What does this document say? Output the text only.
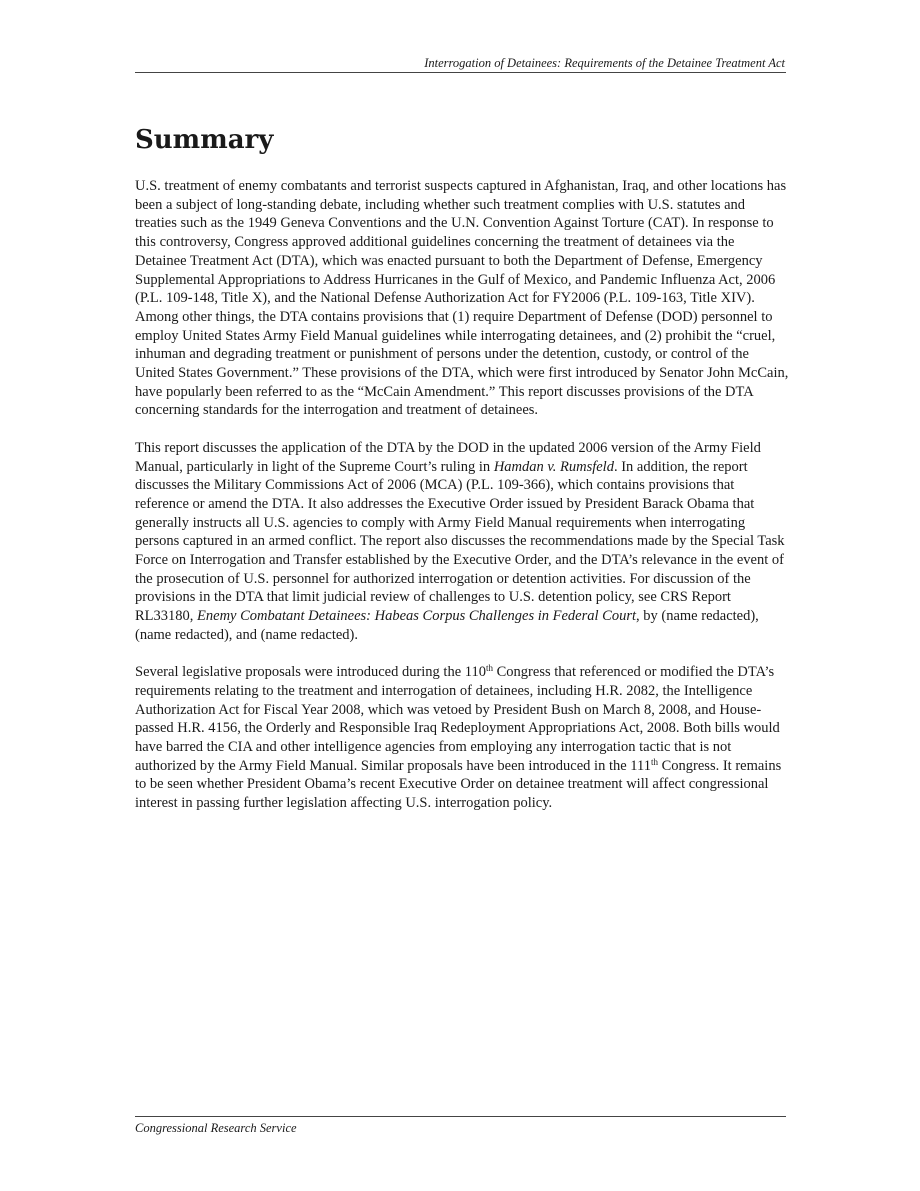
Interrogation of Detainees: Requirements of the Detainee Treatment Act
Summary

U.S. treatment of enemy combatants and terrorist suspects captured in Afghanistan, Iraq, and other locations has been a subject of long-standing debate, including whether such treatment complies with U.S. statutes and treaties such as the 1949 Geneva Conventions and the U.N. Convention Against Torture (CAT). In response to this controversy, Congress approved additional guidelines concerning the treatment of detainees via the Detainee Treatment Act (DTA), which was enacted pursuant to both the Department of Defense, Emergency Supplemental Appropriations to Address Hurricanes in the Gulf of Mexico, and Pandemic Influenza Act, 2006 (P.L. 109-148, Title X), and the National Defense Authorization Act for FY2006 (P.L. 109-163, Title XIV). Among other things, the DTA contains provisions that (1) require Department of Defense (DOD) personnel to employ United States Army Field Manual guidelines while interrogating detainees, and (2) prohibit the “cruel, inhuman and degrading treatment or punishment of persons under the detention, custody, or control of the United States Government.” These provisions of the DTA, which were first introduced by Senator John McCain, have popularly been referred to as the “McCain Amendment.” This report discusses provisions of the DTA concerning standards for the interrogation and treatment of detainees.

This report discusses the application of the DTA by the DOD in the updated 2006 version of the Army Field Manual, particularly in light of the Supreme Court’s ruling in Hamdan v. Rumsfeld. In addition, the report discusses the Military Commissions Act of 2006 (MCA) (P.L. 109-366), which contains provisions that reference or amend the DTA. It also addresses the Executive Order issued by President Barack Obama that generally instructs all U.S. agencies to comply with Army Field Manual requirements when interrogating persons captured in an armed conflict. The report also discusses the recommendations made by the Special Task Force on Interrogation and Transfer established by the Executive Order, and the DTA’s relevance in the event of the prosecution of U.S. personnel for authorized interrogation or detention activities. For discussion of the provisions in the DTA that limit judicial review of challenges to U.S. detention policy, see CRS Report RL33180, Enemy Combatant Detainees: Habeas Corpus Challenges in Federal Court, by (name redacted), (name redacted), and (name redacted).

Several legislative proposals were introduced during the 110th Congress that referenced or modified the DTA’s requirements relating to the treatment and interrogation of detainees, including H.R. 2082, the Intelligence Authorization Act for Fiscal Year 2008, which was vetoed by President Bush on March 8, 2008, and House-passed H.R. 4156, the Orderly and Responsible Iraq Redeployment Appropriations Act, 2008. Both bills would have barred the CIA and other intelligence agencies from employing any interrogation tactic that is not authorized by the Army Field Manual. Similar proposals have been introduced in the 111th Congress. It remains to be seen whether President Obama’s recent Executive Order on detainee treatment will affect congressional interest in passing further legislation affecting U.S. interrogation policy.

Congressional Research Service
